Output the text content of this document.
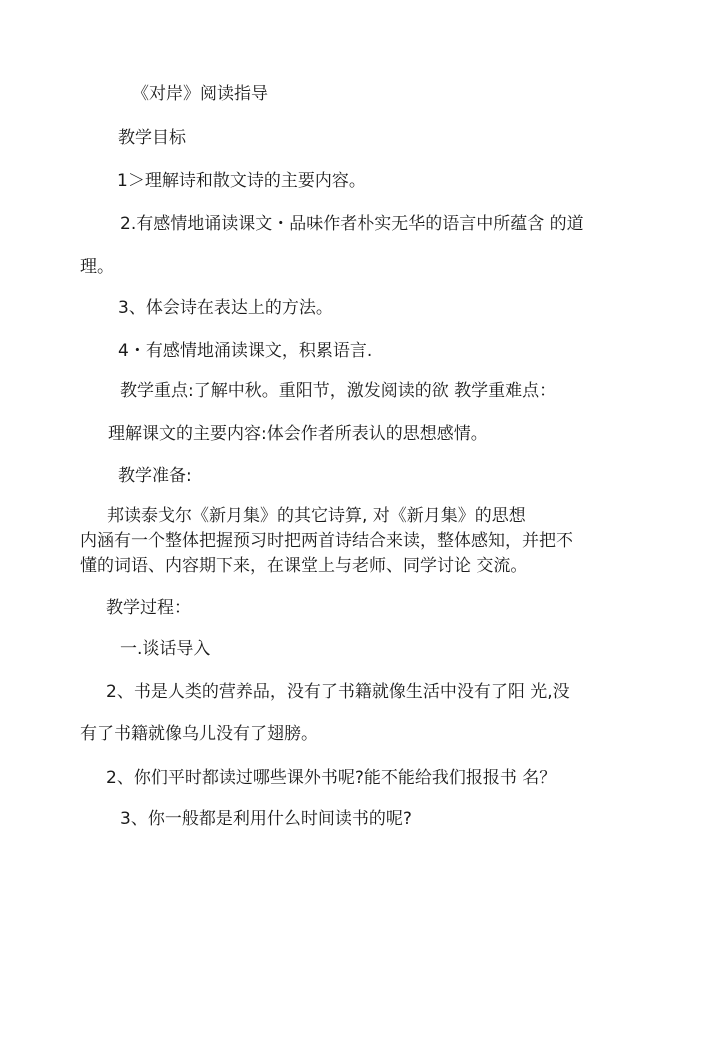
《对岸》阅读指导
教学目标
1＞理解诗和散文诗的主要内容。
2.有感情地诵读课文・品味作者朴实无华的语言中所蕴含 的道
理。
3、体会诗在表达上的方法。
4・有感情地涌读课文，积累语言.
教学重点:了解中秋。重阳节，激发阅读的欲 教学重难点：
理解课文的主要内容:体会作者所表认的思想感情。
教学准备:
邦读泰戈尔《新月集》的其它诗算, 对《新月集》的思想
内涵有一个整体把握预习时把两首诗结合来读，整体感知，并把不
懂的词语、内容期下来，在课堂上与老师、同学讨论 交流。
教学过程：
一.谈话导入
2、书是人类的营养品，没有了书籍就像生活中没有了阳 光,没
有了书籍就像乌儿没有了翅膀。
2、你们平时都读过哪些课外书呢?能不能给我们报报书 名？
3、你一般都是利用什么时间读书的呢?
